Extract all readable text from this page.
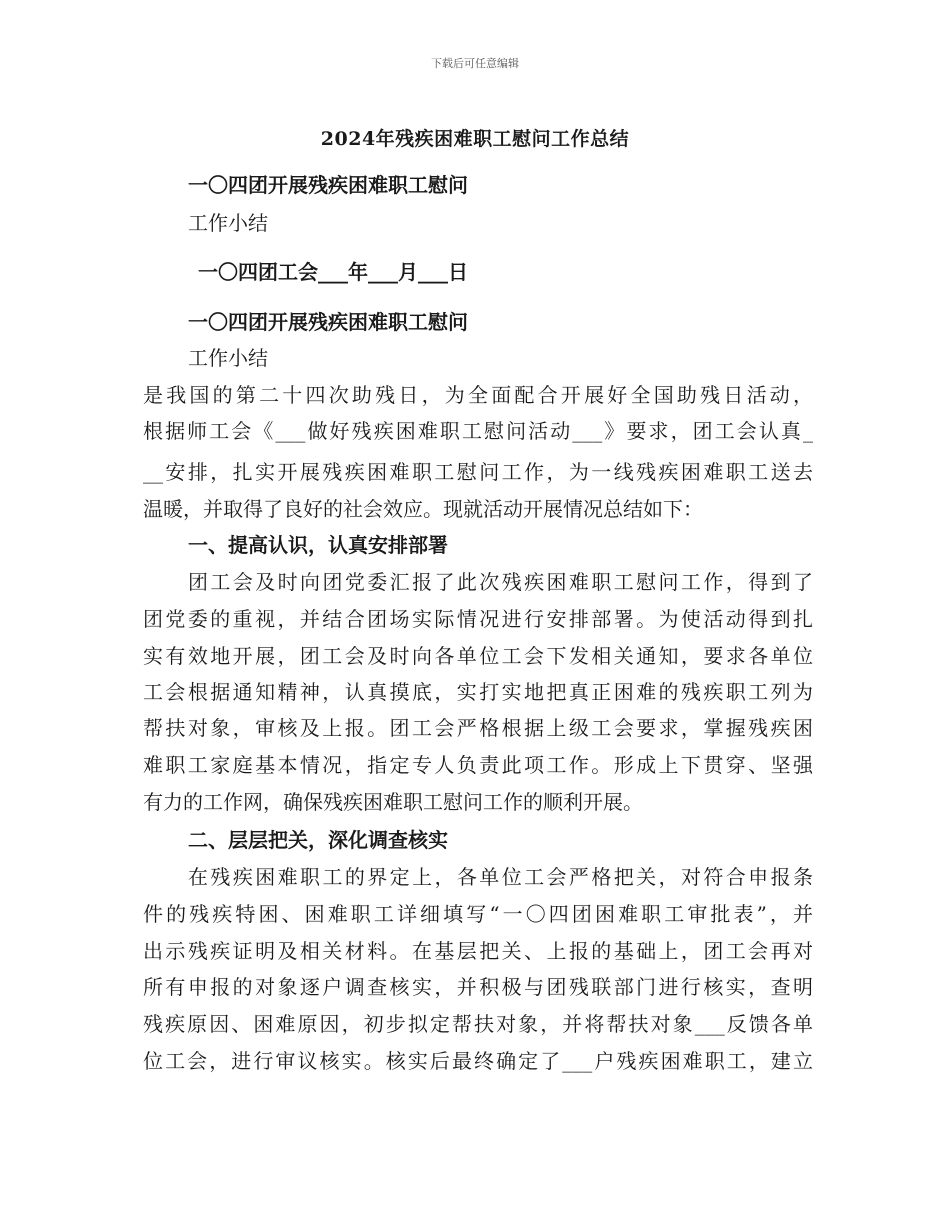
下载后可任意编辑
2024年残疾困难职工慰问工作总结
一〇四团开展残疾困难职工慰问
工作小结
一〇四团工会___年___月___日
一〇四团开展残疾困难职工慰问
工作小结
是我国的第二十四次助残日，为全面配合开展好全国助残日活动，
根据师工会《___做好残疾困难职工慰问活动___》要求，团工会认真_
__安排，扎实开展残疾困难职工慰问工作，为一线残疾困难职工送去
温暖，并取得了良好的社会效应。现就活动开展情况总结如下：
一、提高认识，认真安排部署
团工会及时向团党委汇报了此次残疾困难职工慰问工作，得到了
团党委的重视，并结合团场实际情况进行安排部署。为使活动得到扎
实有效地开展，团工会及时向各单位工会下发相关通知，要求各单位
工会根据通知精神，认真摸底，实打实地把真正困难的残疾职工列为
帮扶对象，审核及上报。团工会严格根据上级工会要求，掌握残疾困
难职工家庭基本情况，指定专人负责此项工作。形成上下贯穿、坚强
有力的工作网，确保残疾困难职工慰问工作的顺利开展。
二、层层把关，深化调查核实
在残疾困难职工的界定上，各单位工会严格把关，对符合申报条
件的残疾特困、困难职工详细填写“一〇四团困难职工审批表”，并
出示残疾证明及相关材料。在基层把关、上报的基础上，团工会再对
所有申报的对象逐户调查核实，并积极与团残联部门进行核实，查明
残疾原因、困难原因，初步拟定帮扶对象，并将帮扶对象___反馈各单
位工会，进行审议核实。核实后最终确定了___户残疾困难职工，建立
